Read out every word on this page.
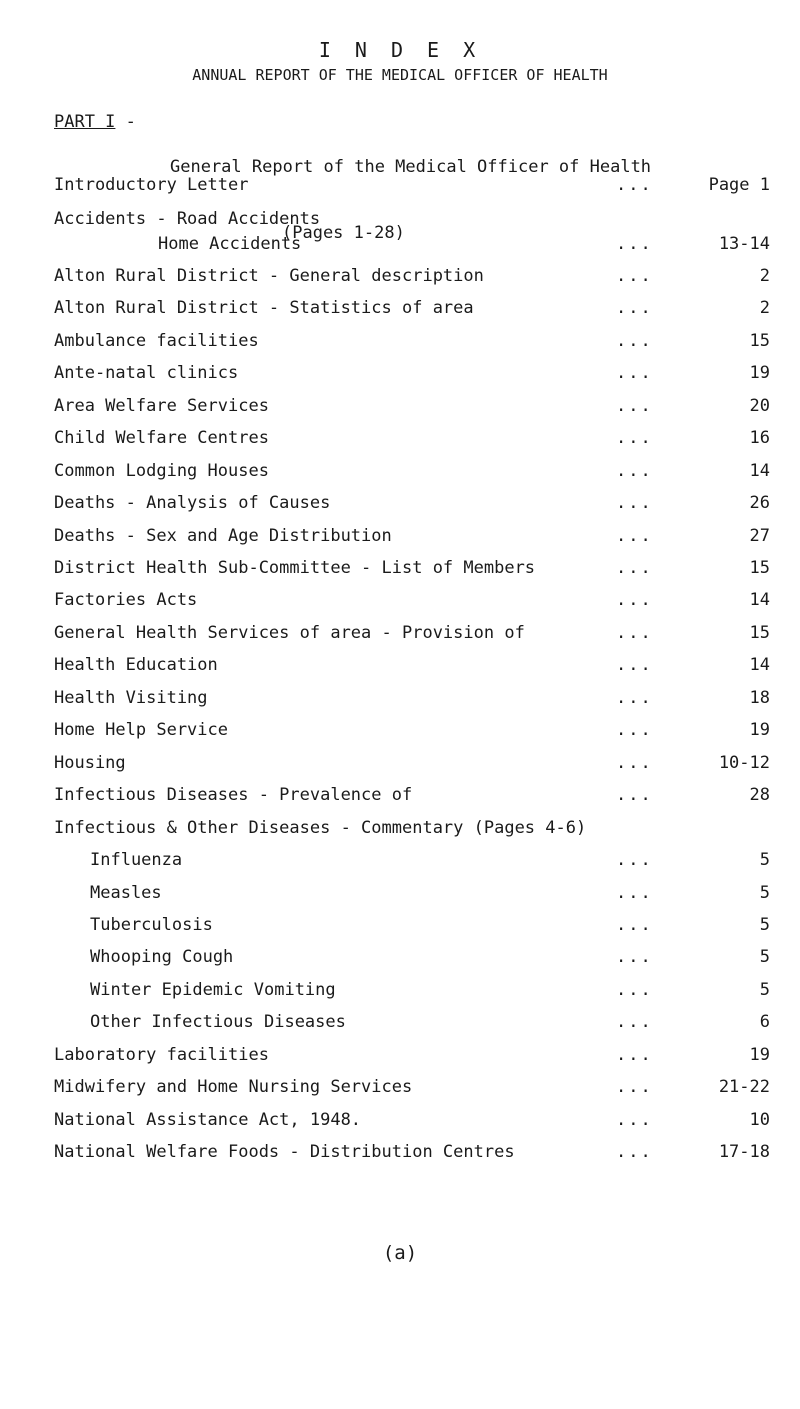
I N D E X
ANNUAL REPORT OF THE MEDICAL OFFICER OF HEALTH
PART I -

General Report of the Medical Officer of Health

(Pages 1-28)

Introductory Letter	...	Page 1
Accidents - Road Accidents
Home Accidents	...	13-14
Alton Rural District - General description	...	2
Alton Rural District - Statistics of area	...	2
Ambulance facilities	...	15
Ante-natal clinics	...	19
Area Welfare Services	...	20
Child Welfare Centres	...	16
Common Lodging Houses	...	14
Deaths - Analysis of Causes	...	26
Deaths - Sex and Age Distribution	...	27
District Health Sub-Committee - List of Members	...	15
Factories Acts	...	14
General Health Services of area - Provision of	...	15
Health Education	...	14
Health Visiting	...	18
Home Help Service	...	19
Housing	...	10-12
Infectious Diseases - Prevalence of	...	28
Infectious & Other Diseases - Commentary (Pages 4-6)
Influenza	...	5
Measles	...	5
Tuberculosis	...	5
Whooping Cough	...	5
Winter Epidemic Vomiting	...	5
Other Infectious Diseases	...	6
Laboratory facilities	...	19
Midwifery and Home Nursing Services	...	21-22
National Assistance Act, 1948.	...	10
National Welfare Foods - Distribution Centres	...	17-18
(a)
